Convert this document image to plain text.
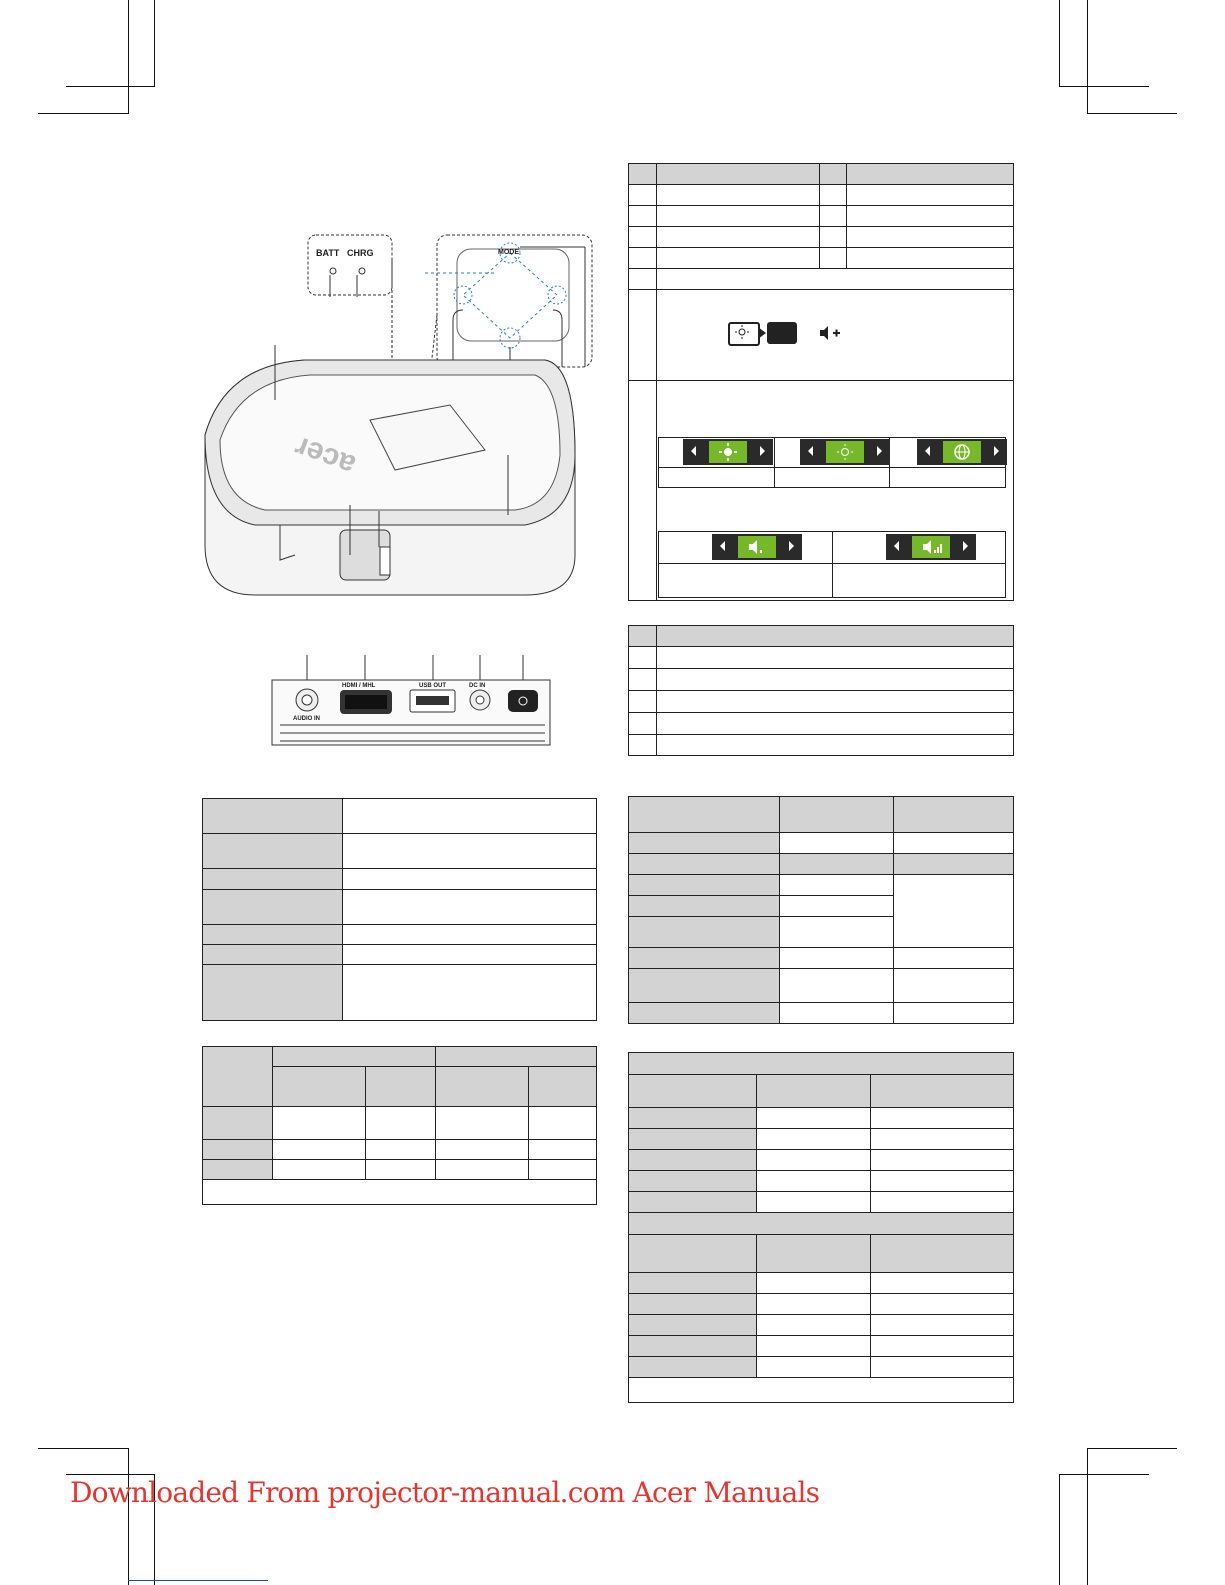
acer
BATT CHRG	MODE
AUDIO IN
HDMI / MHL	USB OUT	DC IN

Downloaded From projector-manual.com Acer Manuals
